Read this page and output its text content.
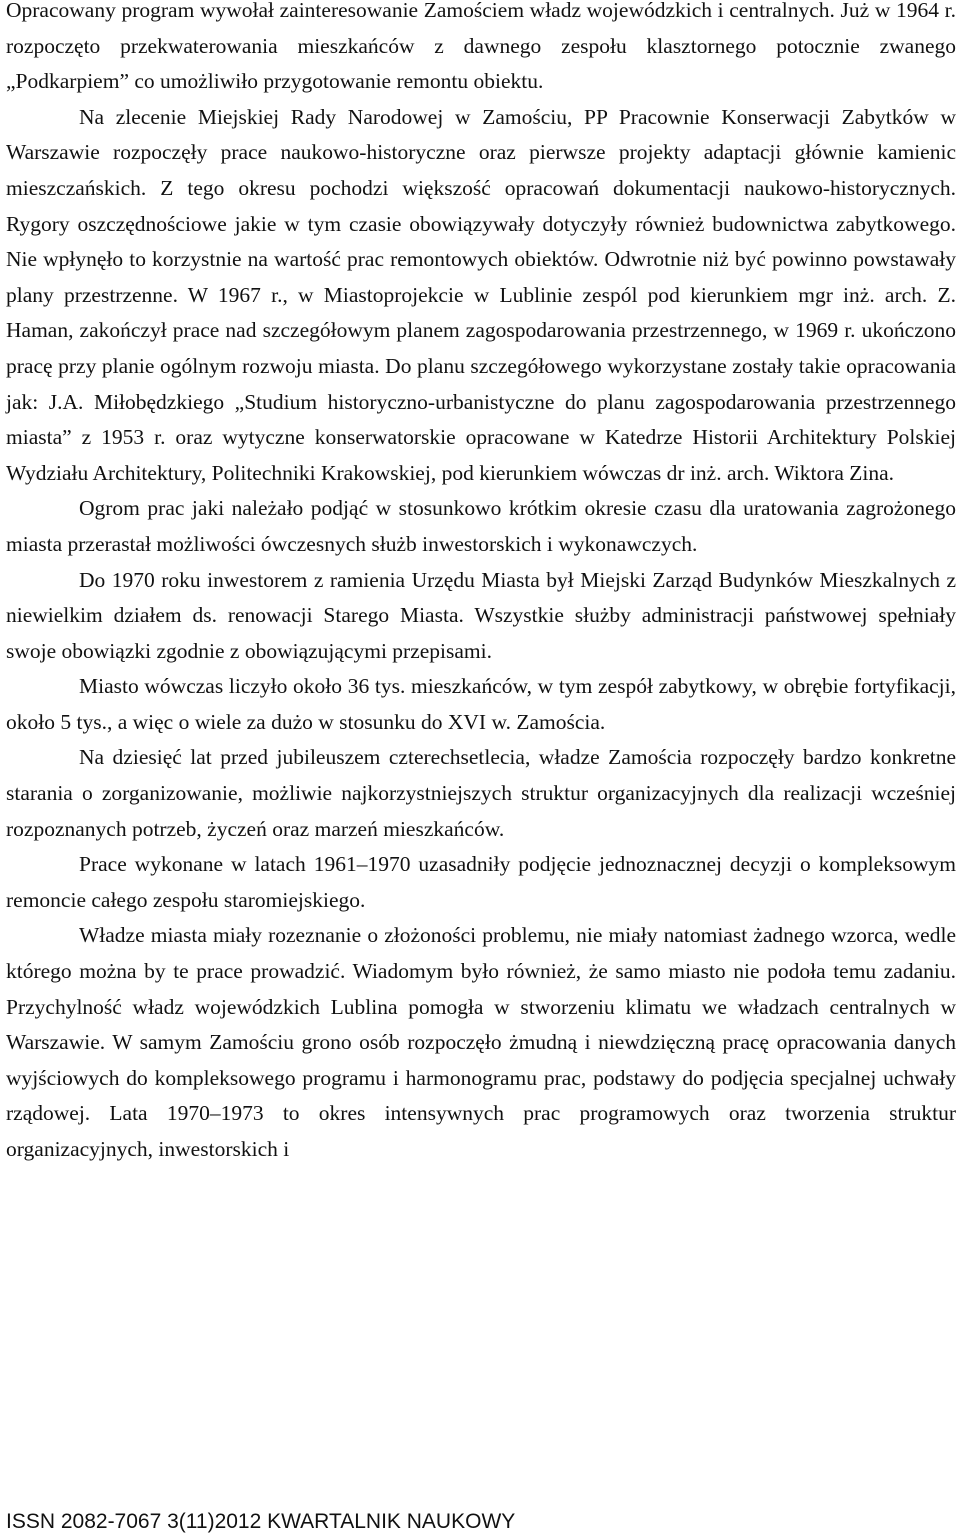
Opracowany program wywołał zainteresowanie Zamościem władz wojewódzkich i centralnych. Już w 1964 r. rozpoczęto przekwaterowania mieszkańców z dawnego zespołu klasztornego potocznie zwanego „Podkarpiem” co umożliwiło przygotowanie remontu obiektu.

Na zlecenie Miejskiej Rady Narodowej w Zamościu, PP Pracownie Konserwacji Zabytków w Warszawie rozpoczęły prace naukowo-historyczne oraz pierwsze projekty adaptacji głównie kamienic mieszczańskich. Z tego okresu pochodzi większość opracowań dokumentacji naukowo-historycznych. Rygory oszczędnościowe jakie w tym czasie obowiązywały dotyczyły również budownictwa zabytkowego. Nie wpłynęło to korzystnie na wartość prac remontowych obiektów. Odwrotnie niż być powinno powstawały plany przestrzenne. W 1967 r., w Miastoprojekcie w Lublinie zespól pod kierunkiem mgr inż. arch. Z. Haman, zakończył prace nad szczegółowym planem zagospodarowania przestrzennego, w 1969 r. ukończono pracę przy planie ogólnym rozwoju miasta. Do planu szczegółowego wykorzystane zostały takie opracowania jak: J.A. Miłobędzkiego „Studium historyczno-urbanistyczne do planu zagospodarowania przestrzennego miasta” z 1953 r. oraz wytyczne konserwatorskie opracowane w Katedrze Historii Architektury Polskiej Wydziału Architektury, Politechniki Krakowskiej, pod kierunkiem wówczas dr inż. arch. Wiktora Zina.

Ogrom prac jaki należało podjąć w stosunkowo krótkim okresie czasu dla uratowania zagrożonego miasta przerastał możliwości ówczesnych służb inwestorskich i wykonawczych.

Do 1970 roku inwestorem z ramienia Urzędu Miasta był Miejski Zarząd Budynków Mieszkalnych z niewielkim działem ds. renowacji Starego Miasta. Wszystkie służby administracji państwowej spełniały swoje obowiązki zgodnie z obowiązującymi przepisami.

Miasto wówczas liczyło około 36 tys. mieszkańców, w tym zespół zabytkowy, w obrębie fortyfikacji, około 5 tys., a więc o wiele za dużo w stosunku do XVI w. Zamościa.

Na dziesięć lat przed jubileuszem czterechsetlecia, władze Zamościa rozpoczęły bardzo konkretne starania o zorganizowanie, możliwie najkorzystniejszych struktur organizacyjnych dla realizacji wcześniej rozpoznanych potrzeb, życzeń oraz marzeń mieszkańców.

Prace wykonane w latach 1961–1970 uzasadniły podjęcie jednoznacznej decyzji o kompleksowym remoncie całego zespołu staromiejskiego.

Władze miasta miały rozeznanie o złożoności problemu, nie miały natomiast żadnego wzorca, wedle którego można by te prace prowadzić. Wiadomym było również, że samo miasto nie podoła temu zadaniu. Przychylność władz wojewódzkich Lublina pomogła w stworzeniu klimatu we władzach centralnych w Warszawie. W samym Zamościu grono osób rozpoczęło żmudną i niewdzięczną pracę opracowania danych wyjściowych do kompleksowego programu i harmonogramu prac, podstawy do podjęcia specjalnej uchwały rządowej. Lata 1970–1973 to okres intensywnych prac programowych oraz tworzenia struktur organizacyjnych, inwestorskich i

ISSN 2082-7067 3(11)2012 KWARTALNIK NAUKOWY
